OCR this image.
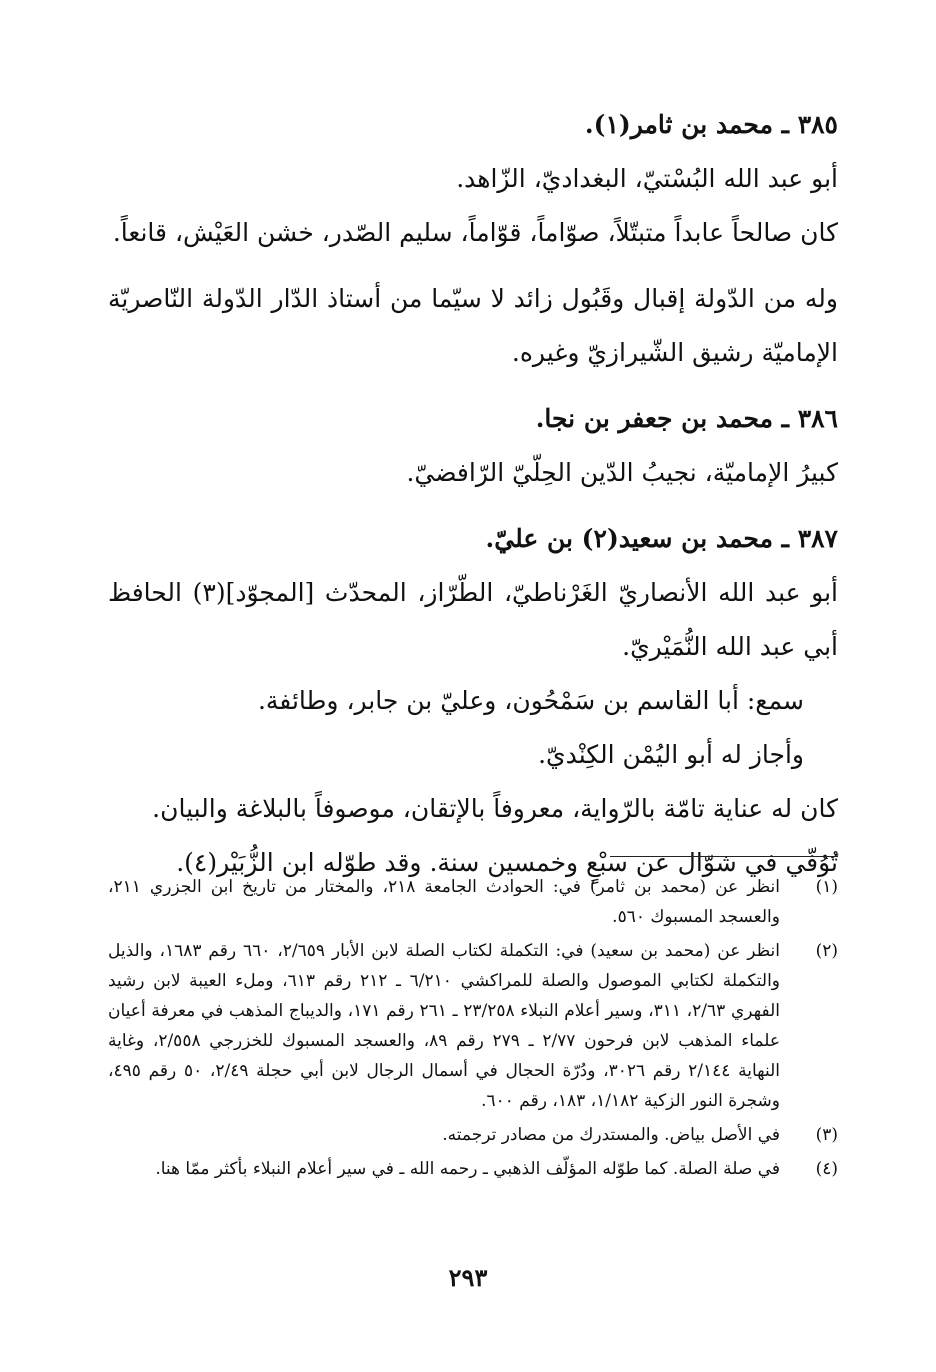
٣٨٥ ـ محمد بن ثامر(١).

أبو عبد الله البُسْتيّ، البغداديّ، الزّاهد.

كان صالحاً عابداً متبتّلاً، صوّاماً، قوّاماً، سليم الصّدر، خشن العَيْش، قانعاً.

وله من الدّولة إقبال وقَبُول زائد لا سيّما من أستاذ الدّار الدّولة النّاصريّة الإماميّة رشيق الشّيرازيّ وغيره.

٣٨٦ ـ محمد بن جعفر بن نجا.

كبيرُ الإماميّة، نجيبُ الدّين الحِلّيّ الرّافضيّ.

٣٨٧ ـ محمد بن سعيد(٢) بن عليّ.

أبو عبد الله الأنصاريّ الغَرْناطيّ، الطّرّاز، المحدّث [المجوّد](٣) الحافظ أبي عبد الله النُّمَيْريّ.

سمع: أبا القاسم بن سَمْحُون، وعليّ بن جابر، وطائفة.

وأجاز له أبو اليُمْن الكِنْديّ.

كان له عناية تامّة بالرّواية، معروفاً بالإتقان، موصوفاً بالبلاغة والبيان.

تُوُفّي في شوّال عن سبْعٍ وخمسين سنة. وقد طوّله ابن الزُّبَيْر(٤).

(١)
انظر عن (محمد بن ثامر) في: الحوادث الجامعة ٢١٨، والمختار من تاريخ ابن الجزري ٢١١، والعسجد المسبوك ٥٦٠.
(٢)
انظر عن (محمد بن سعيد) في: التكملة لكتاب الصلة لابن الأبار ٢/٦٥٩، ٦٦٠ رقم ١٦٨٣، والذيل والتكملة لكتابي الموصول والصلة للمراكشي ٦/٢١٠ ـ ٢١٢ رقم ٦١٣، وملء العيبة لابن رشيد الفهري ٢/٦٣، ٣١١، وسير أعلام النبلاء ٢٣/٢٥٨ ـ ٢٦١ رقم ١٧١، والديباج المذهب في معرفة أعيان علماء المذهب لابن فرحون ٢/٧٧ ـ ٢٧٩ رقم ٨٩، والعسجد المسبوك للخزرجي ٢/٥٥٨، وغاية النهاية ٢/١٤٤ رقم ٣٠٢٦، ودُرّة الحجال في أسمال الرجال لابن أبي حجلة ٢/٤٩، ٥٠ رقم ٤٩٥، وشجرة النور الزكية ١/١٨٢، ١٨٣، رقم ٦٠٠.
(٣)
في الأصل بياض. والمستدرك من مصادر ترجمته.
(٤)
في صلة الصلة. كما طوّله المؤلّف الذهبي ـ رحمه الله ـ في سير أعلام النبلاء بأكثر ممّا هنا.
٢٩٣
